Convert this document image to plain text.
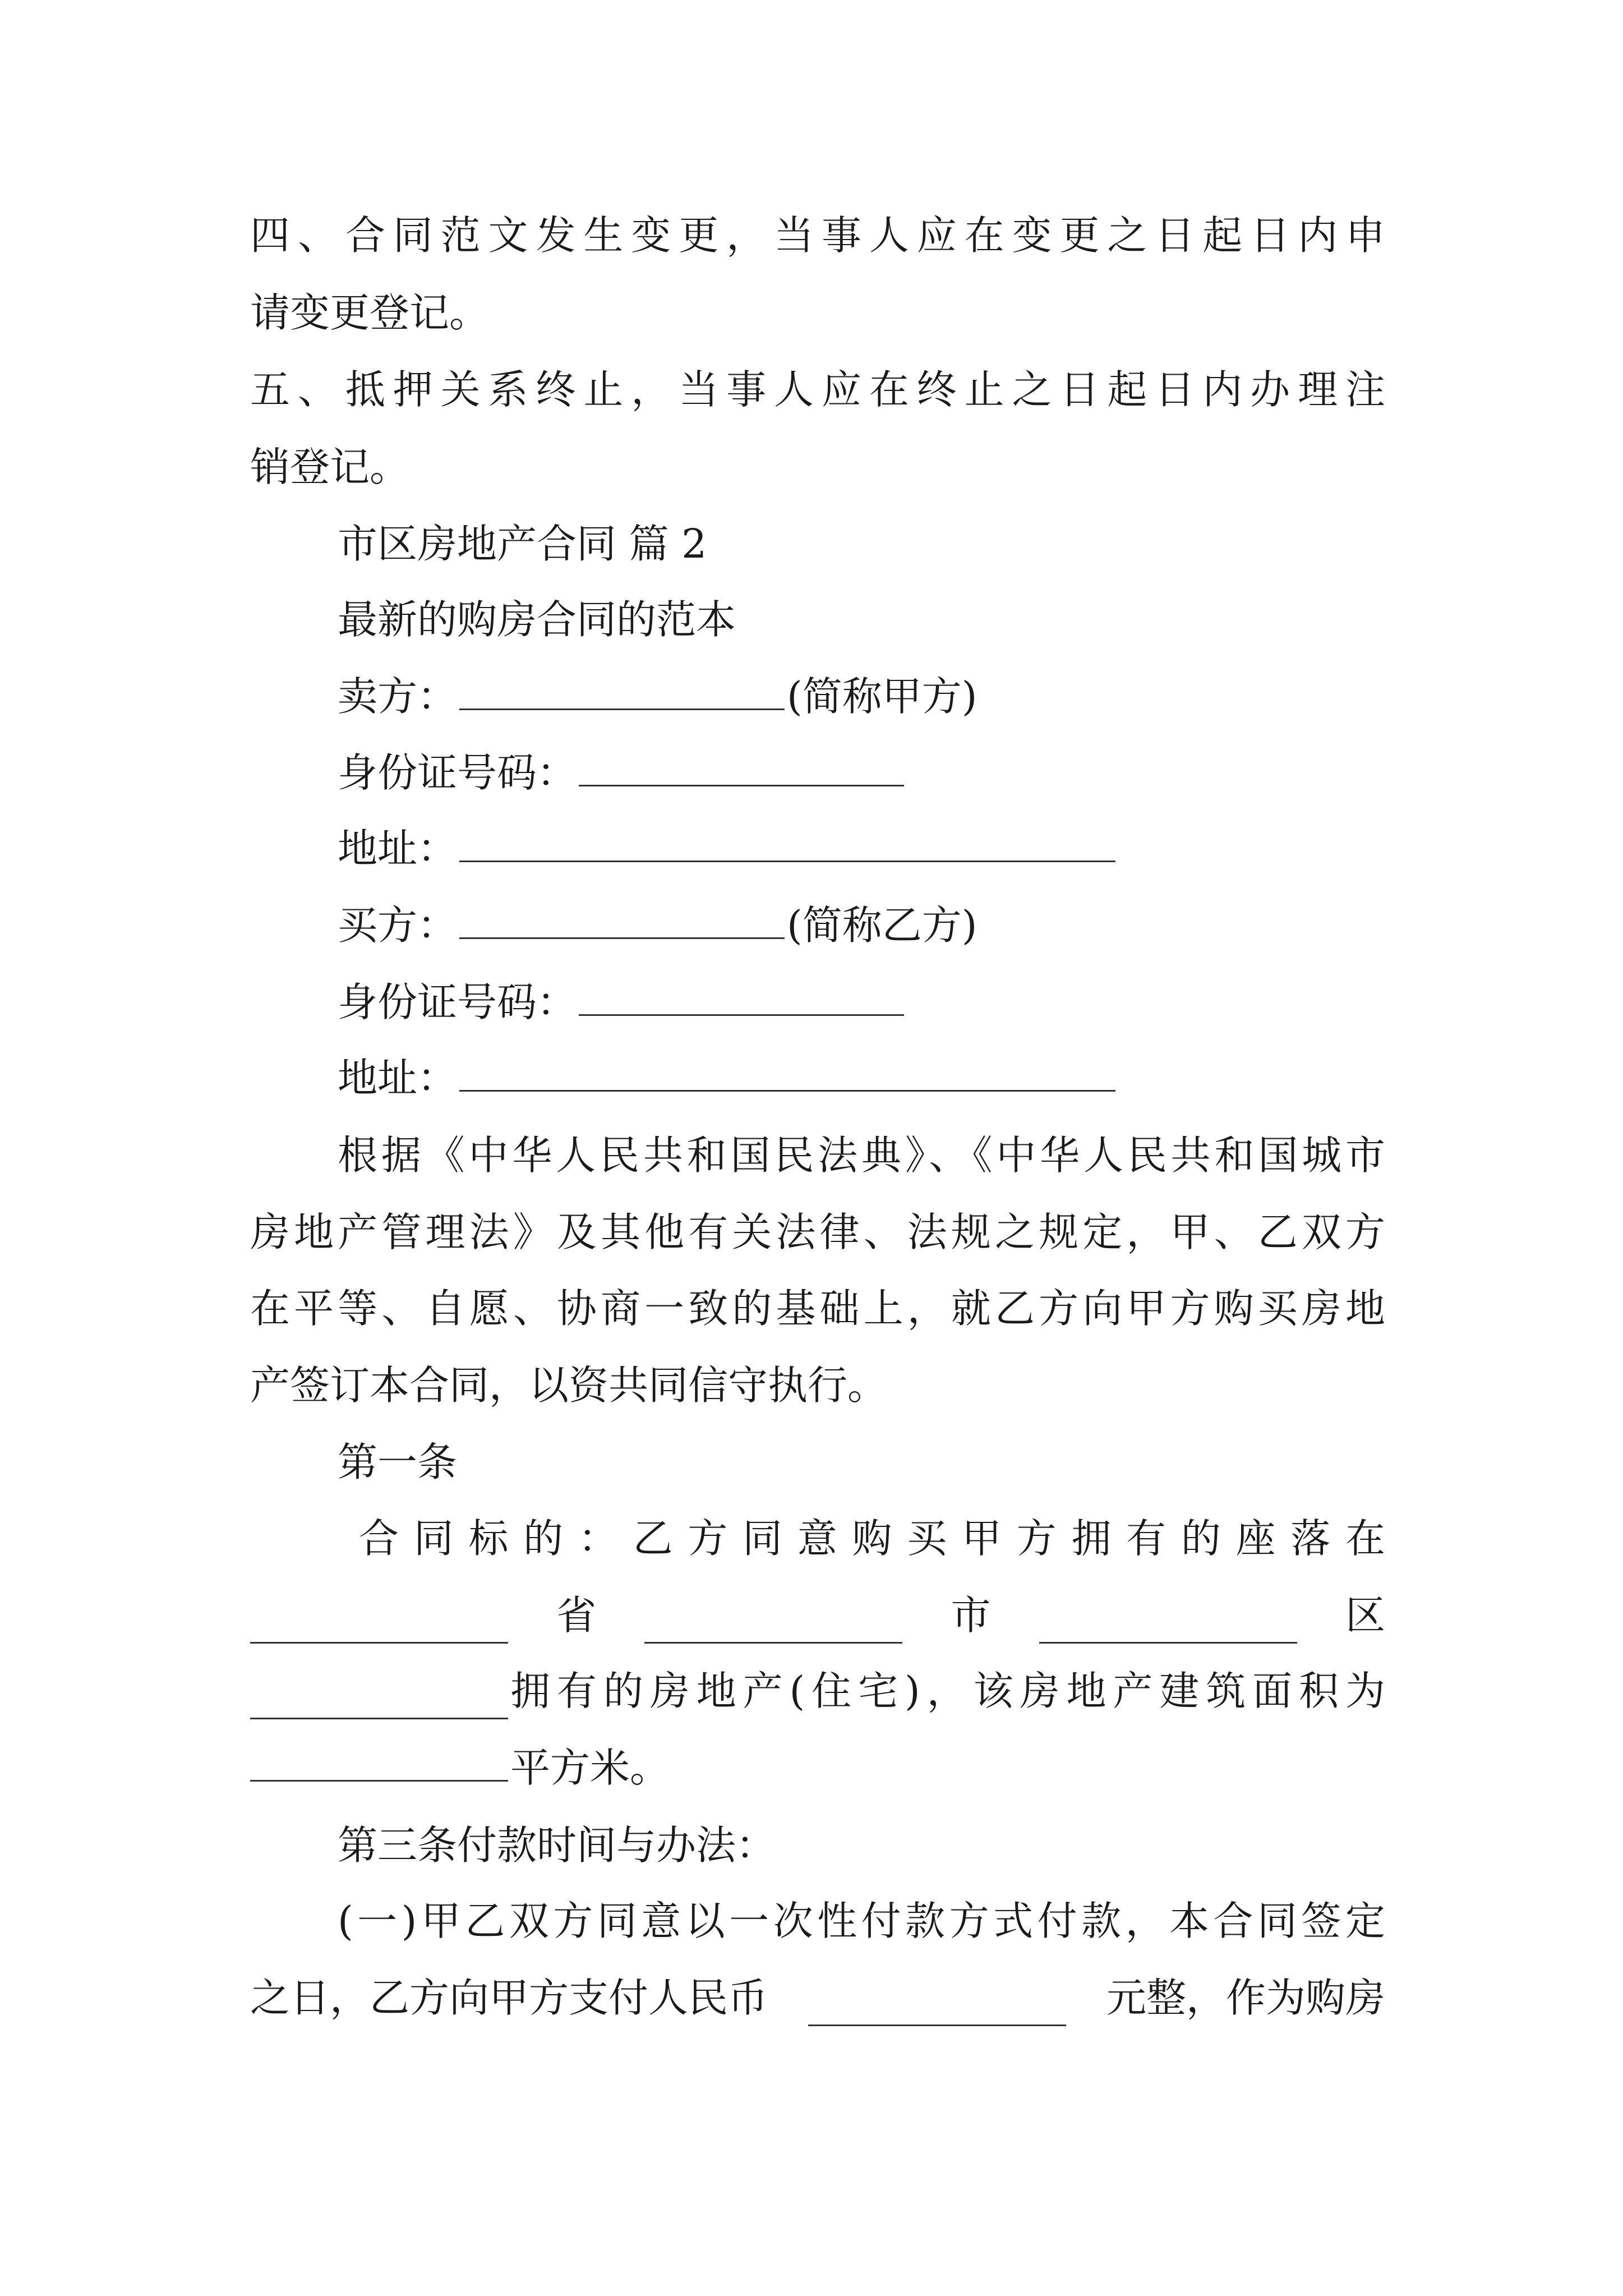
四、合同范文发生变更，当事人应在变更之日起日内申
请变更登记。
五、抵押关系终止，当事人应在终止之日起日内办理注
销登记。
市区房地产合同 篇 2
最新的购房合同的范本
卖方：	(简称甲方)
身份证号码：
地址：
买方：	(简称乙方)
身份证号码：
地址：
根据《中华人民共和国民法典》、《中华人民共和国城市
房地产管理法》及其他有关法律、法规之规定，甲、乙双方
在平等、自愿、协商一致的基础上，就乙方向甲方购买房地
产签订本合同，以资共同信守执行。
第一条
合同标的：乙方同意购买甲方拥有的座落在
省	市	区
拥有的房地产(住宅)，该房地产建筑面积为
平方米。
第三条付款时间与办法：
(一)甲乙双方同意以一次性付款方式付款，本合同签定
之日，乙方向甲方支付人民币	元整，作为购房
